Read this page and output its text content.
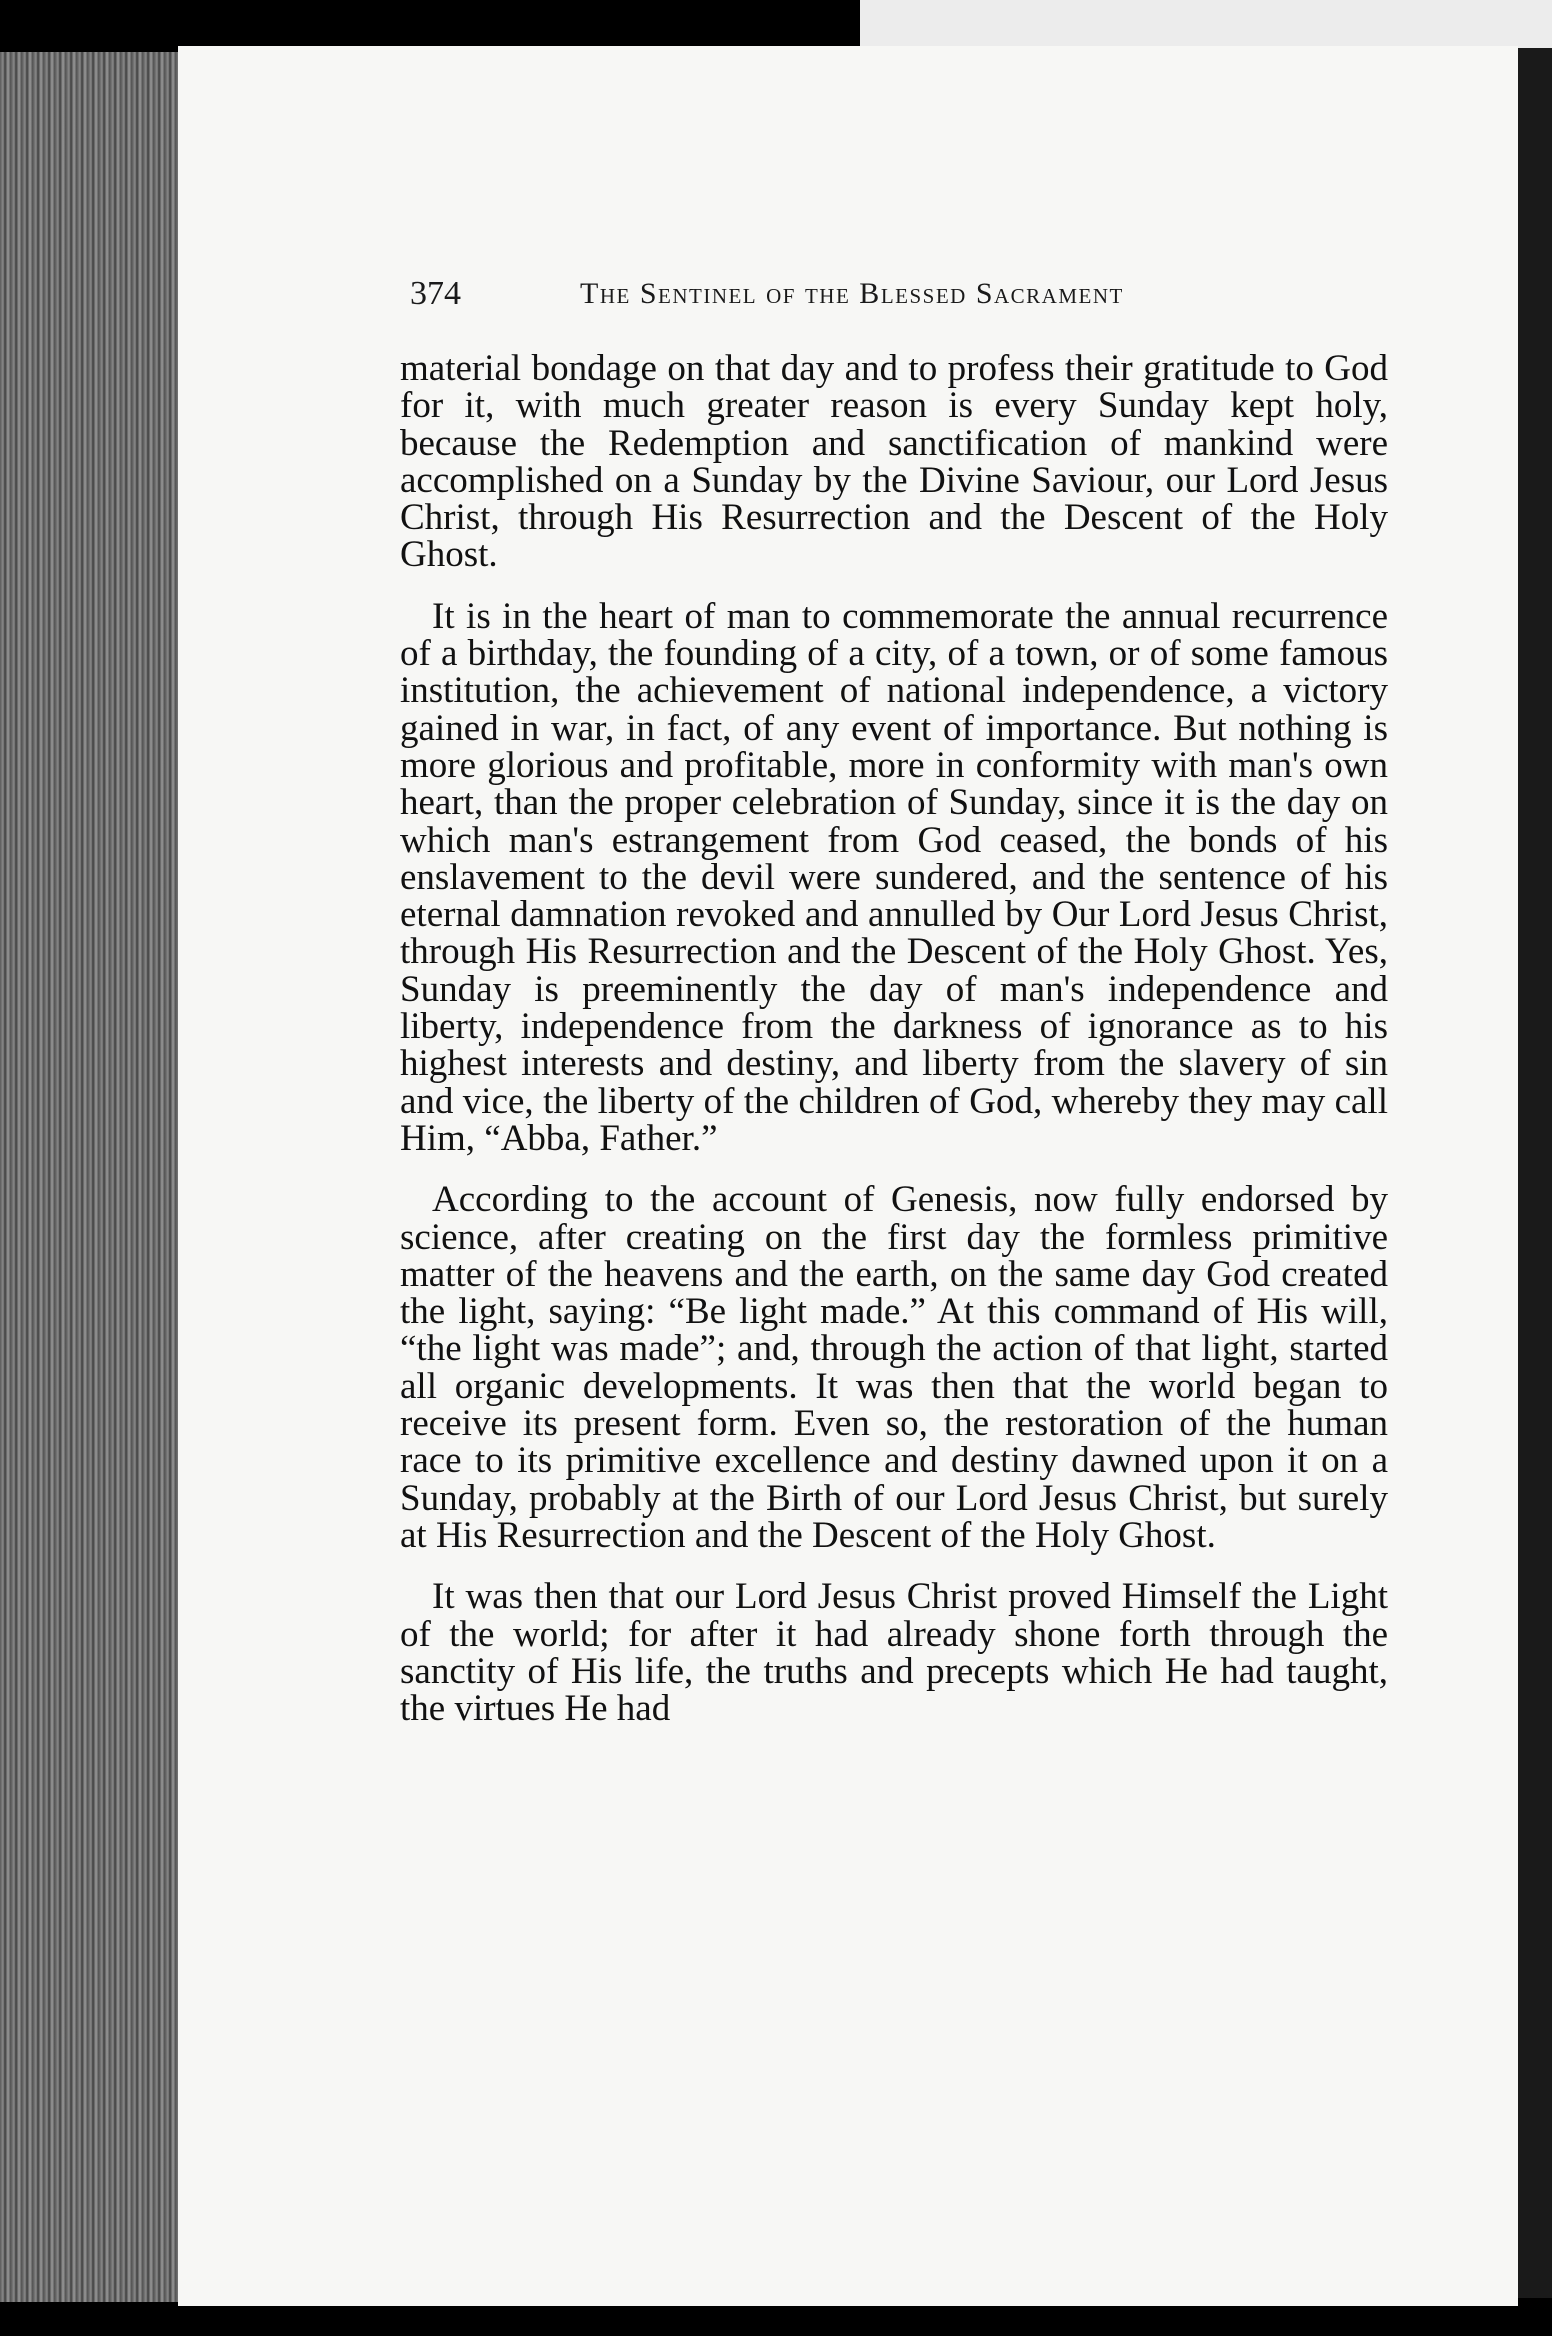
374	The Sentinel of the Blessed Sacrament

material bondage on that day and to profess their gratitude to God for it, with much greater reason is every Sunday kept holy, because the Redemption and sanctification of mankind were accomplished on a Sunday by the Divine Saviour, our Lord Jesus Christ, through His Resurrection and the Descent of the Holy Ghost.

It is in the heart of man to commemorate the annual recurrence of a birthday, the founding of a city, of a town, or of some famous institution, the achievement of national independence, a victory gained in war, in fact, of any event of importance. But nothing is more glorious and profitable, more in conformity with man's own heart, than the proper celebration of Sunday, since it is the day on which man's estrangement from God ceased, the bonds of his enslavement to the devil were sundered, and the sentence of his eternal damnation revoked and annulled by Our Lord Jesus Christ, through His Resurrection and the Descent of the Holy Ghost. Yes, Sunday is preeminently the day of man's independence and liberty, independence from the darkness of ignorance as to his highest interests and destiny, and liberty from the slavery of sin and vice, the liberty of the children of God, whereby they may call Him, “Abba, Father.”

According to the account of Genesis, now fully endorsed by science, after creating on the first day the formless primitive matter of the heavens and the earth, on the same day God created the light, saying: “Be light made.” At this command of His will, “the light was made”; and, through the action of that light, started all organic developments. It was then that the world began to receive its present form. Even so, the restoration of the human race to its primitive excellence and destiny dawned upon it on a Sunday, probably at the Birth of our Lord Jesus Christ, but surely at His Resurrection and the Descent of the Holy Ghost.

It was then that our Lord Jesus Christ proved Himself the Light of the world; for after it had already shone forth through the sanctity of His life, the truths and precepts which He had taught, the virtues He had
